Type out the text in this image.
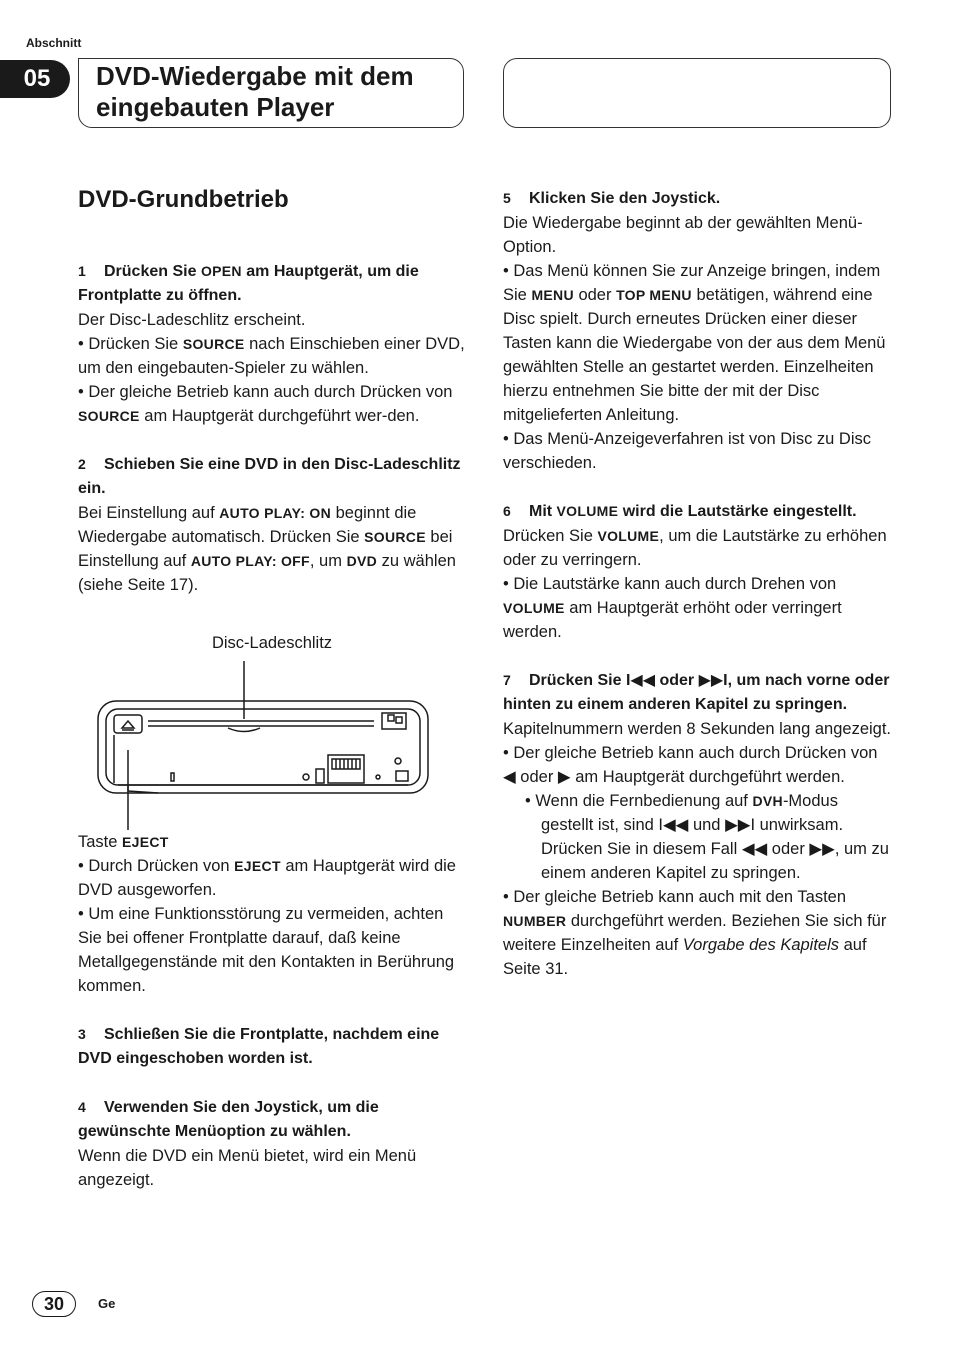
Abschnitt
05	DVD-Wiedergabe mit dem eingebauten Player
DVD-Grundbetrieb
1 Drücken Sie OPEN am Hauptgerät, um die Frontplatte zu öffnen.
Der Disc-Ladeschlitz erscheint.
• Drücken Sie SOURCE nach Einschieben einer DVD, um den eingebauten-Spieler zu wählen.
• Der gleiche Betrieb kann auch durch Drücken von SOURCE am Hauptgerät durchgeführt wer-den.
2 Schieben Sie eine DVD in den Disc-Ladeschlitz ein.
Bei Einstellung auf AUTO PLAY: ON beginnt die Wiedergabe automatisch. Drücken Sie SOURCE bei Einstellung auf AUTO PLAY: OFF, um DVD zu wählen (siehe Seite 17).
Disc-Ladeschlitz
Taste EJECT
• Durch Drücken von EJECT am Hauptgerät wird die DVD ausgeworfen.
• Um eine Funktionsstörung zu vermeiden, achten Sie bei offener Frontplatte darauf, daß keine Metallgegenstände mit den Kontakten in Berührung kommen.
3 Schließen Sie die Frontplatte, nachdem eine DVD eingeschoben worden ist.
4 Verwenden Sie den Joystick, um die gewünschte Menüoption zu wählen.
Wenn die DVD ein Menü bietet, wird ein Menü angezeigt.
5 Klicken Sie den Joystick.
Die Wiedergabe beginnt ab der gewählten Menü-Option.
• Das Menü können Sie zur Anzeige bringen, indem Sie MENU oder TOP MENU betätigen, während eine Disc spielt. Durch erneutes Drücken einer dieser Tasten kann die Wiedergabe von der aus dem Menü gewählten Stelle an gestartet werden. Einzelheiten hierzu entnehmen Sie bitte der mit der Disc mitgelieferten Anleitung.
• Das Menü-Anzeigeverfahren ist von Disc zu Disc verschieden.
6 Mit VOLUME wird die Lautstärke eingestellt.
Drücken Sie VOLUME, um die Lautstärke zu erhöhen oder zu verringern.
• Die Lautstärke kann auch durch Drehen von VOLUME am Hauptgerät erhöht oder verringert werden.
7 Drücken Sie I◀◀ oder ▶▶I, um nach vorne oder hinten zu einem anderen Kapitel zu springen.
Kapitelnummern werden 8 Sekunden lang angezeigt.
• Der gleiche Betrieb kann auch durch Drücken von ◀ oder ▶ am Hauptgerät durchgeführt werden.
• Wenn die Fernbedienung auf DVH-Modus gestellt ist, sind I◀◀ und ▶▶I unwirksam. Drücken Sie in diesem Fall ◀◀ oder ▶▶, um zu einem anderen Kapitel zu springen.
• Der gleiche Betrieb kann auch mit den Tasten NUMBER durchgeführt werden. Beziehen Sie sich für weitere Einzelheiten auf Vorgabe des Kapitels auf Seite 31.
30	Ge
